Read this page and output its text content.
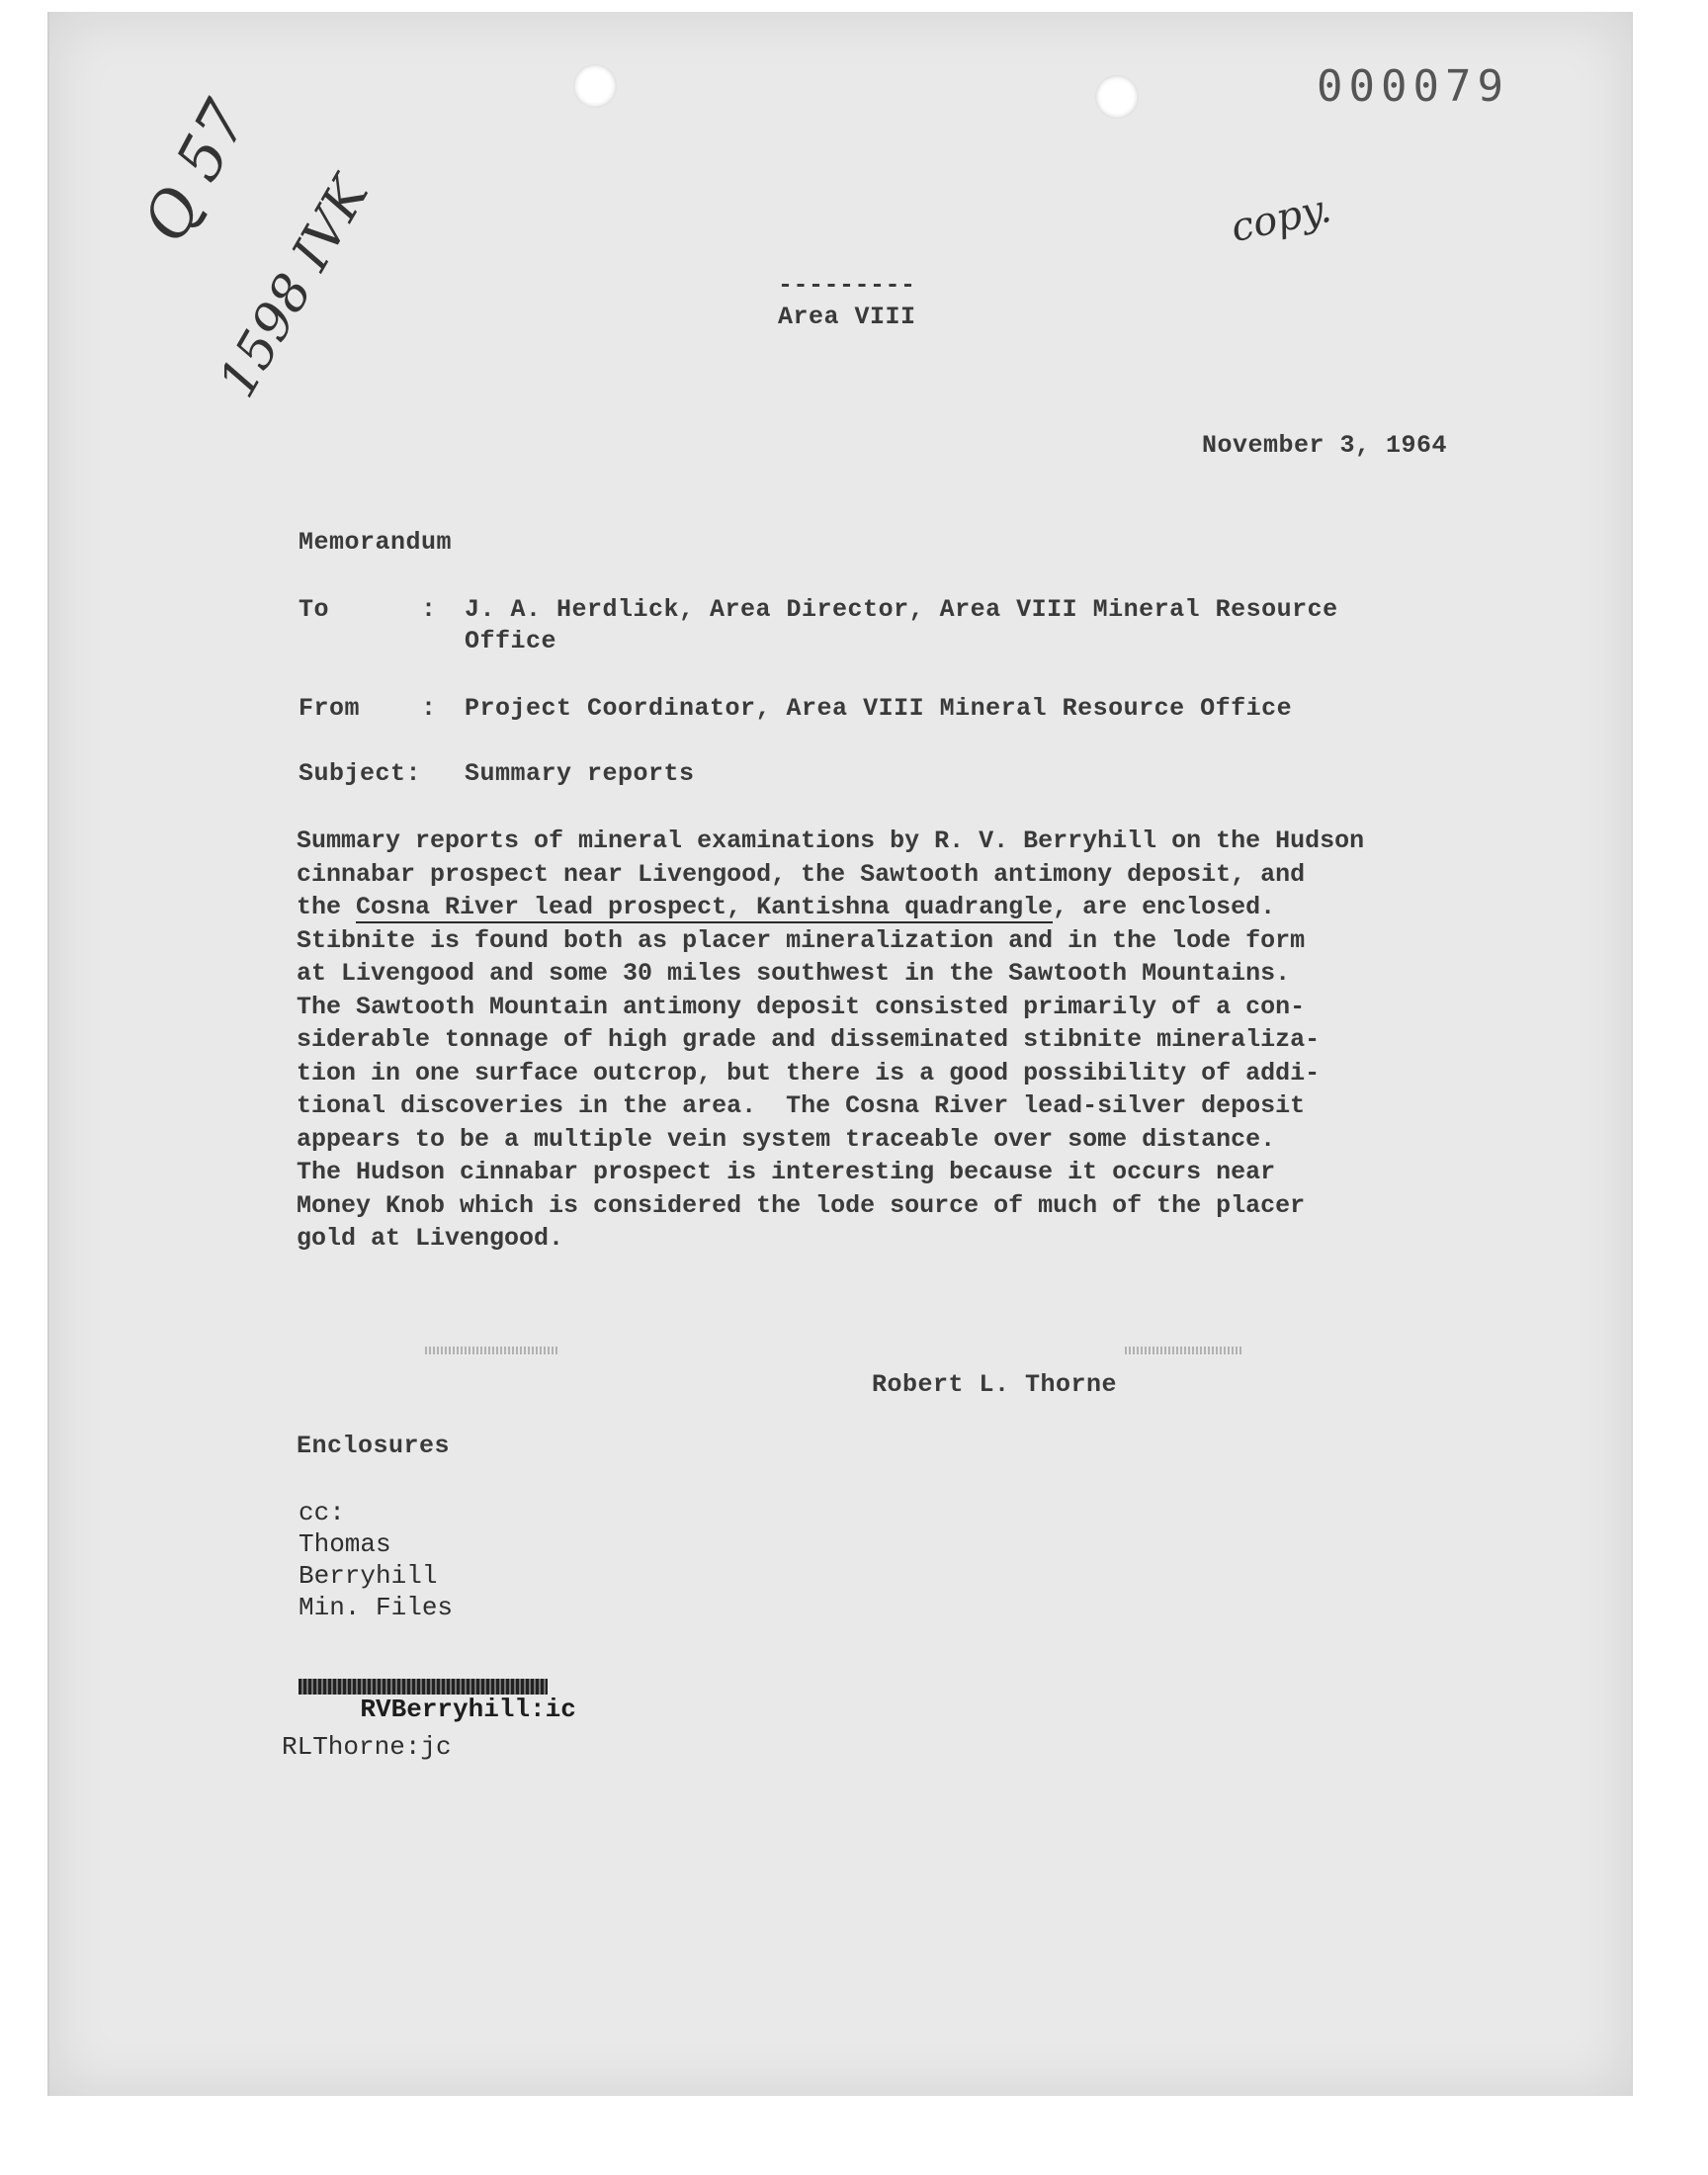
000079
Q 57
1598 IVK	copy.
---------
Area VIII
November 3, 1964
Memorandum
To	: J. A. Herdlick, Area Director, Area VIII Mineral Resource
Office
From : Project Coordinator, Area VIII Mineral Resource Office
Subject: Summary reports
Summary reports of mineral examinations by R. V. Berryhill on the Hudson
cinnabar prospect near Livengood, the Sawtooth antimony deposit, and
the Cosna River lead prospect, Kantishna quadrangle, are enclosed.
Stibnite is found both as placer mineralization and in the lode form
at Livengood and some 30 miles southwest in the Sawtooth Mountains.
The Sawtooth Mountain antimony deposit consisted primarily of a con-
siderable tonnage of high grade and disseminated stibnite mineraliza-
tion in one surface outcrop, but there is a good possibility of addi-
tional discoveries in the area.  The Cosna River lead-silver deposit
appears to be a multiple vein system traceable over some distance.
The Hudson cinnabar prospect is interesting because it occurs near
Money Knob which is considered the lode source of much of the placer
gold at Livengood.
Robert L. Thorne
Enclosures
cc:
Thomas
Berryhill
Min. Files

RVBerryhill:ic

RLThorne:jc
